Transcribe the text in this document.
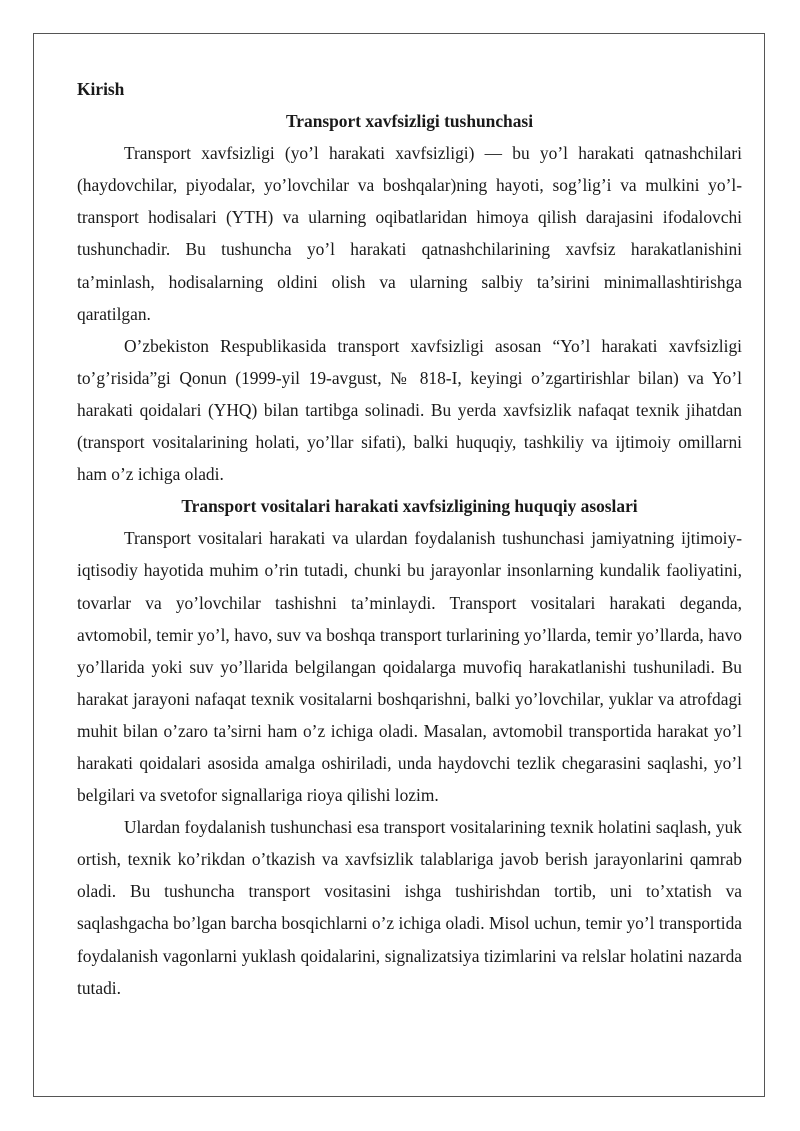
Kirish

Transport xavfsizligi tushunchasi

Transport xavfsizligi (yo’l harakati xavfsizligi) — bu yo’l harakati qatnashchilari (haydovchilar, piyodalar, yo’lovchilar va boshqalar)ning hayoti, sog’lig’i va mulkini yo’l-transport hodisalari (YTH) va ularning oqibatlaridan himoya qilish darajasini ifodalovchi tushunchadir. Bu tushuncha yo’l harakati qatnashchilarining xavfsiz harakatlanishini ta’minlash, hodisalarning oldini olish va ularning salbiy ta’sirini minimallashtirishga qaratilgan.

O’zbekiston Respublikasida transport xavfsizligi asosan “Yo’l harakati xavfsizligi to’g’risida”gi Qonun (1999-yil 19-avgust, № 818-I, keyingi o’zgartirishlar bilan) va Yo’l harakati qoidalari (YHQ) bilan tartibga solinadi. Bu yerda xavfsizlik nafaqat texnik jihatdan (transport vositalarining holati, yo’llar sifati), balki huquqiy, tashkiliy va ijtimoiy omillarni ham o’z ichiga oladi.

Transport vositalari harakati xavfsizligining huquqiy asoslari

Transport vositalari harakati va ulardan foydalanish tushunchasi jamiyatning ijtimoiy-iqtisodiy hayotida muhim o’rin tutadi, chunki bu jarayonlar insonlarning kundalik faoliyatini, tovarlar va yo’lovchilar tashishni ta’minlaydi. Transport vositalari harakati deganda, avtomobil, temir yo’l, havo, suv va boshqa transport turlarining yo’llarda, temir yo’llarda, havo yo’llarida yoki suv yo’llarida belgilangan qoidalarga muvofiq harakatlanishi tushuniladi. Bu harakat jarayoni nafaqat texnik vositalarni boshqarishni, balki yo’lovchilar, yuklar va atrofdagi muhit bilan o’zaro ta’sirni ham o’z ichiga oladi. Masalan, avtomobil transportida harakat yo’l harakati qoidalari asosida amalga oshiriladi, unda haydovchi tezlik chegarasini saqlashi, yo’l belgilari va svetofor signallariga rioya qilishi lozim.

Ulardan foydalanish tushunchasi esa transport vositalarining texnik holatini saqlash, yuk ortish, texnik ko’rikdan o’tkazish va xavfsizlik talablariga javob berish jarayonlarini qamrab oladi. Bu tushuncha transport vositasini ishga tushirishdan tortib, uni to’xtatish va saqlashgacha bo’lgan barcha bosqichlarni o’z ichiga oladi. Misol uchun, temir yo’l transportida foydalanish vagonlarni yuklash qoidalarini, signalizatsiya tizimlarini va relslar holatini nazarda tutadi.
